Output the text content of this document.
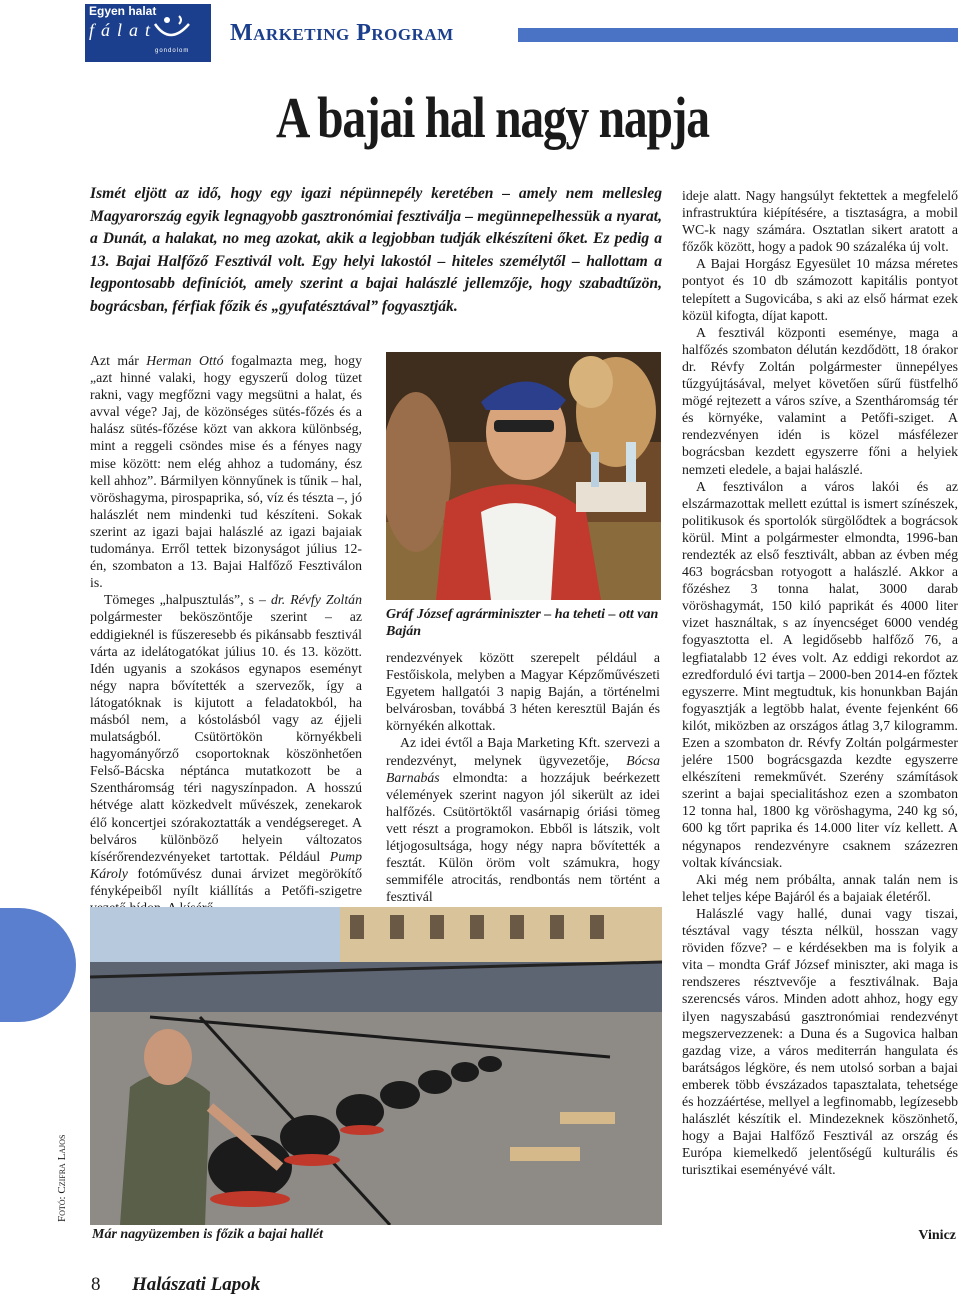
Egyen halat
fálat
gondolom
Marketing Program
A bajai hal nagy napja

Ismét eljött az idő, hogy egy igazi népünnepély keretében – amely nem mellesleg Magyarország egyik legnagyobb gasztronómiai fesztiválja – megünnepelhessük a nyarat, a Dunát, a halakat, no meg azokat, akik a legjobban tudják elkészíteni őket. Ez pedig a 13. Bajai Halfőző Fesztivál volt. Egy helyi lakostól – hiteles személytől – hallottam a legpontosabb definíciót, amely szerint a bajai halászlé jellemzője, hogy szabadtűzön, bográcsban, férfiak főzik és „gyufatésztával” fogyasztják.

Azt már Herman Ottó fogalmazta meg, hogy „azt hinné valaki, hogy egyszerű dolog tüzet rakni, vagy megfőzni vagy megsütni a halat, és avval vége? Jaj, de közönséges sütés-főzés és a halász sütés-főzése közt van akkora különbség, mint a reggeli csöndes mise és a fényes nagy mise között: nem elég ahhoz a tudomány, ész kell ahhoz”. Bármilyen könnyűnek is tűnik – hal, vöröshagyma, pirospaprika, só, víz és tészta –, jó halászlét nem mindenki tud készíteni. Sokak szerint az igazi bajai halászlé az igazi bajaiak tudománya. Erről tettek bizonyságot július 12-én, szombaton a 13. Bajai Halfőző Fesztiválon is.

Tömeges „halpusztulás”, s – dr. Révfy Zoltán polgármester beköszöntője szerint – az eddigieknél is fűszeresebb és pikánsabb fesztivál várta az idelátogatókat július 10. és 13. között. Idén ugyanis a szokásos egynapos eseményt négy napra bővítették a szervezők, így a látogatóknak is kijutott a feladatokból, ha másból nem, a kóstolásból vagy az éjjeli mulatságból. Csütörtökön környékbeli hagyományőrző csoportoknak köszönhetően Felső-Bácska néptánca mutatkozott be a Szentháromság téri nagyszínpadon. A hosszú hétvége alatt közkedvelt művészek, zenekarok élő koncertjei szórakoztatták a vendégsereget. A belváros különböző helyein változatos kísérőrendezvényeket tartottak. Például Pump Károly fotóművész dunai árvizet megörökítő fényképeiből nyílt kiállítás a Petőfi-szigetre

Gráf József agrárminiszter – ha teheti – ott van Baján

rendezvények között szerepelt például a Festőiskola, melyben a Magyar Képzőművészeti Egyetem hallgatói 3 napig Baján, a történelmi belvárosban, továbbá 3 héten keresztül Baján és környékén alkottak.

Az idei évtől a Baja Marketing Kft. szervezi a rendezvényt, melynek ügyvezetője, Bócsa Barnabás elmondta: a hozzájuk beérkezett vélemények szerint nagyon jól sikerült az idei halfőzés. Csütörtöktől vasárnapig óriási tömeg vett részt a programokon. Ebből is látszik, volt létjogosultsága, hogy négy napra bővítették a fesztát. Külön öröm volt számukra, hogy semmiféle atrocitás, rendbontás nem történt a fesztivál

ideje alatt. Nagy hangsúlyt fektettek a megfelelő infrastruktúra kiépítésére, a tisztaságra, a mobil WC-k nagy számára. Osztatlan sikert aratott a főzők között, hogy a padok 90 százaléka új volt.

A Bajai Horgász Egyesület 10 mázsa méretes pontyot és 10 db számozott kapitális pontyot telepített a Sugovicába, s aki az első hármat ezek közül kifogta, díjat kapott.

A fesztivál központi eseménye, maga a halfőzés szombaton délután kezdődött, 18 órakor dr. Révfy Zoltán polgármester ünnepélyes tűzgyújtásával, melyet követően sűrű füstfelhő mögé rejtezett a város szíve, a Szentháromság tér és környéke, valamint a Petőfi-sziget. A rendezvényen idén is közel másfélezer bográcsban kezdett egyszerre főni a helyiek nemzeti eledele, a bajai halászlé.

A fesztiválon a város lakói és az elszármazottak mellett ezúttal is ismert színészek, politikusok és sportolók sürgölődtek a bográcsok körül. Mint a polgármester elmondta, 1996-ban rendezték az első fesztivált, abban az évben még 463 bográcsban rotyogott a halászlé. Akkor a főzéshez 3 tonna halat, 3000 darab vöröshagymát, 150 kiló paprikát és 4000 liter vizet használtak, s az ínyencséget 6000 vendég fogyasztotta el. A legidősebb halfőző 76, a legfiatalabb 12 éves volt. Az eddigi rekordot az ezredforduló évi tartja – 2000-ben 2014-en főztek egyszerre. Mint megtudtuk, kis honunkban Baján fogyasztják a legtöbb halat, évente fejenként 66 kilót, miközben az országos átlag 3,7 kilogramm. Ezen a szombaton dr. Révfy Zoltán polgármester jelére 1500 bográcsgazda kezdte egyszerre elkészíteni remekművét. Szerény számítások szerint a bajai specialitáshoz ezen a szombaton 12 tonna hal, 1800 kg vöröshagyma, 240 kg só, 600 kg tőrt paprika és 14.000 liter víz kellett. A négynapos rendezvényre csaknem százezren voltak kíváncsiak.

Aki még nem próbálta, annak talán nem is lehet teljes képe Bajáról és a bajaiak életéről.

Halászlé vagy hallé, dunai vagy tiszai, tésztával vagy tészta nélkül, hosszan vagy röviden főzve? – e kérdésekben ma is folyik a vita – mondta Gráf József miniszter, aki maga is rendszeres résztvevője a fesztiválnak. Baja szerencsés város. Minden adott ahhoz, hogy egy ilyen nagyszabású gasztronómiai rendezvényt megszervezzenek: a Duna és a Sugovica halban gazdag vize, a város mediterrán hangulata és barátságos légköre, és nem utolsó sorban a bajai emberek több évszázados tapasztalata, tehetsége és hozzáértése, mellyel a legfinomabb, legízesebb halászlét készítik el. Mindezeknek köszönhető, hogy a Bajai Halfőző Fesztivál az ország és Európa kiemelkedő jelentőségű kulturális és turisztikai eseményévé vált.

Már nagyüzemben is főzik a bajai hallét
Fotó: Czifra Lajos
Vinicz
8 Halászati Lapok
